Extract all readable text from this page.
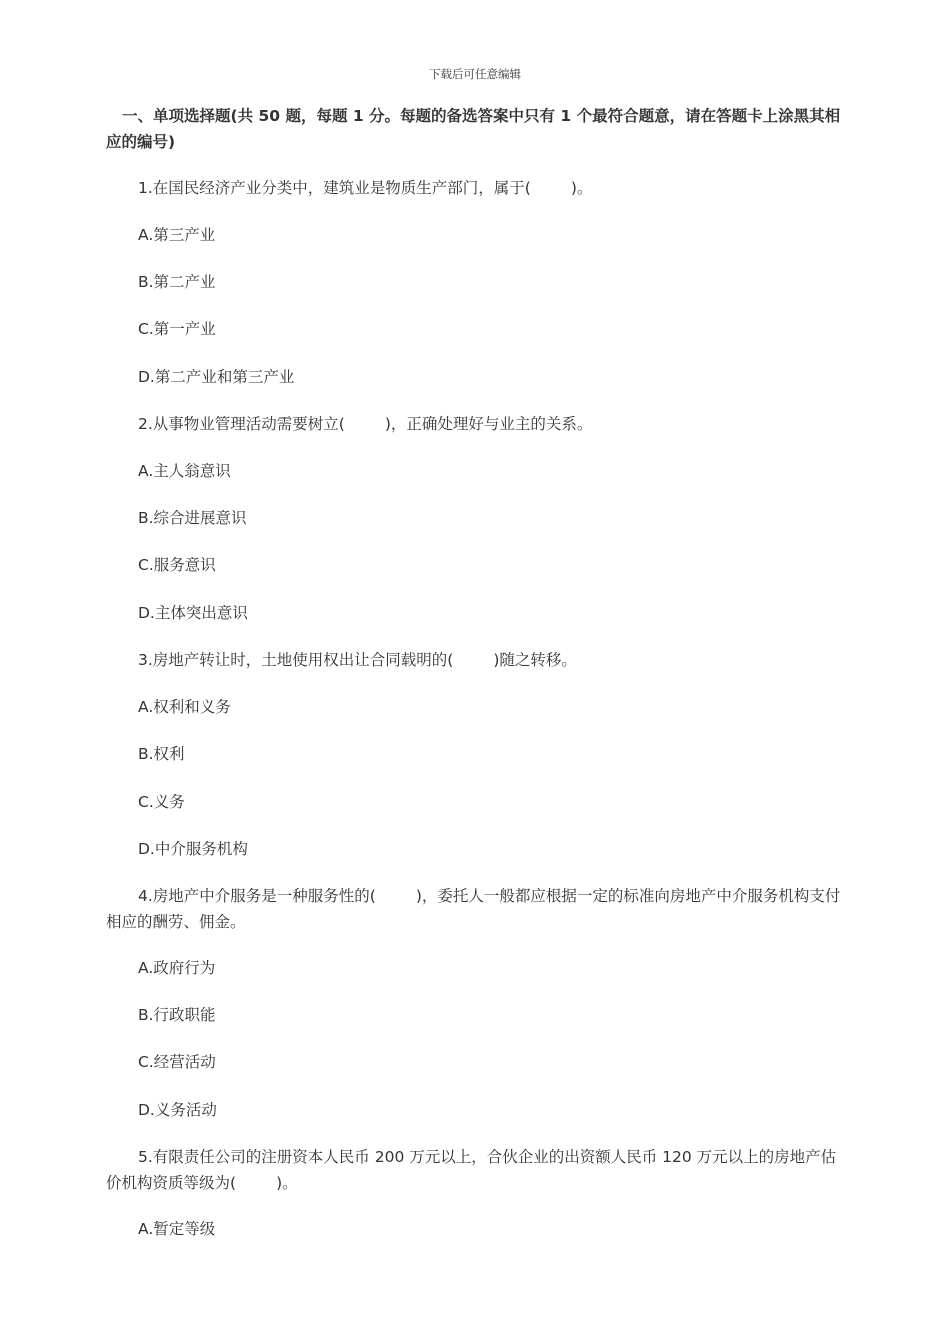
下载后可任意编辑
一、单项选择题(共 50 题，每题 1 分。每题的备选答案中只有 1 个最符合题意，请在答题卡上涂黑其相应的编号)
1.在国民经济产业分类中，建筑业是物质生产部门，属于(	)。
A.第三产业
B.第二产业
C.第一产业
D.第二产业和第三产业
2.从事物业管理活动需要树立(	)，正确处理好与业主的关系。
A.主人翁意识
B.综合进展意识
C.服务意识
D.主体突出意识
3.房地产转让时，土地使用权出让合同载明的(	)随之转移。
A.权利和义务
B.权利
C.义务
D.中介服务机构
4.房地产中介服务是一种服务性的(	)，委托人一般都应根据一定的标准向房地产中介服务机构支付相应的酬劳、佣金。
A.政府行为
B.行政职能
C.经营活动
D.义务活动
5.有限责任公司的注册资本人民币 200 万元以上，合伙企业的出资额人民币 120 万元以上的房地产估价机构资质等级为(	)。
A.暂定等级
